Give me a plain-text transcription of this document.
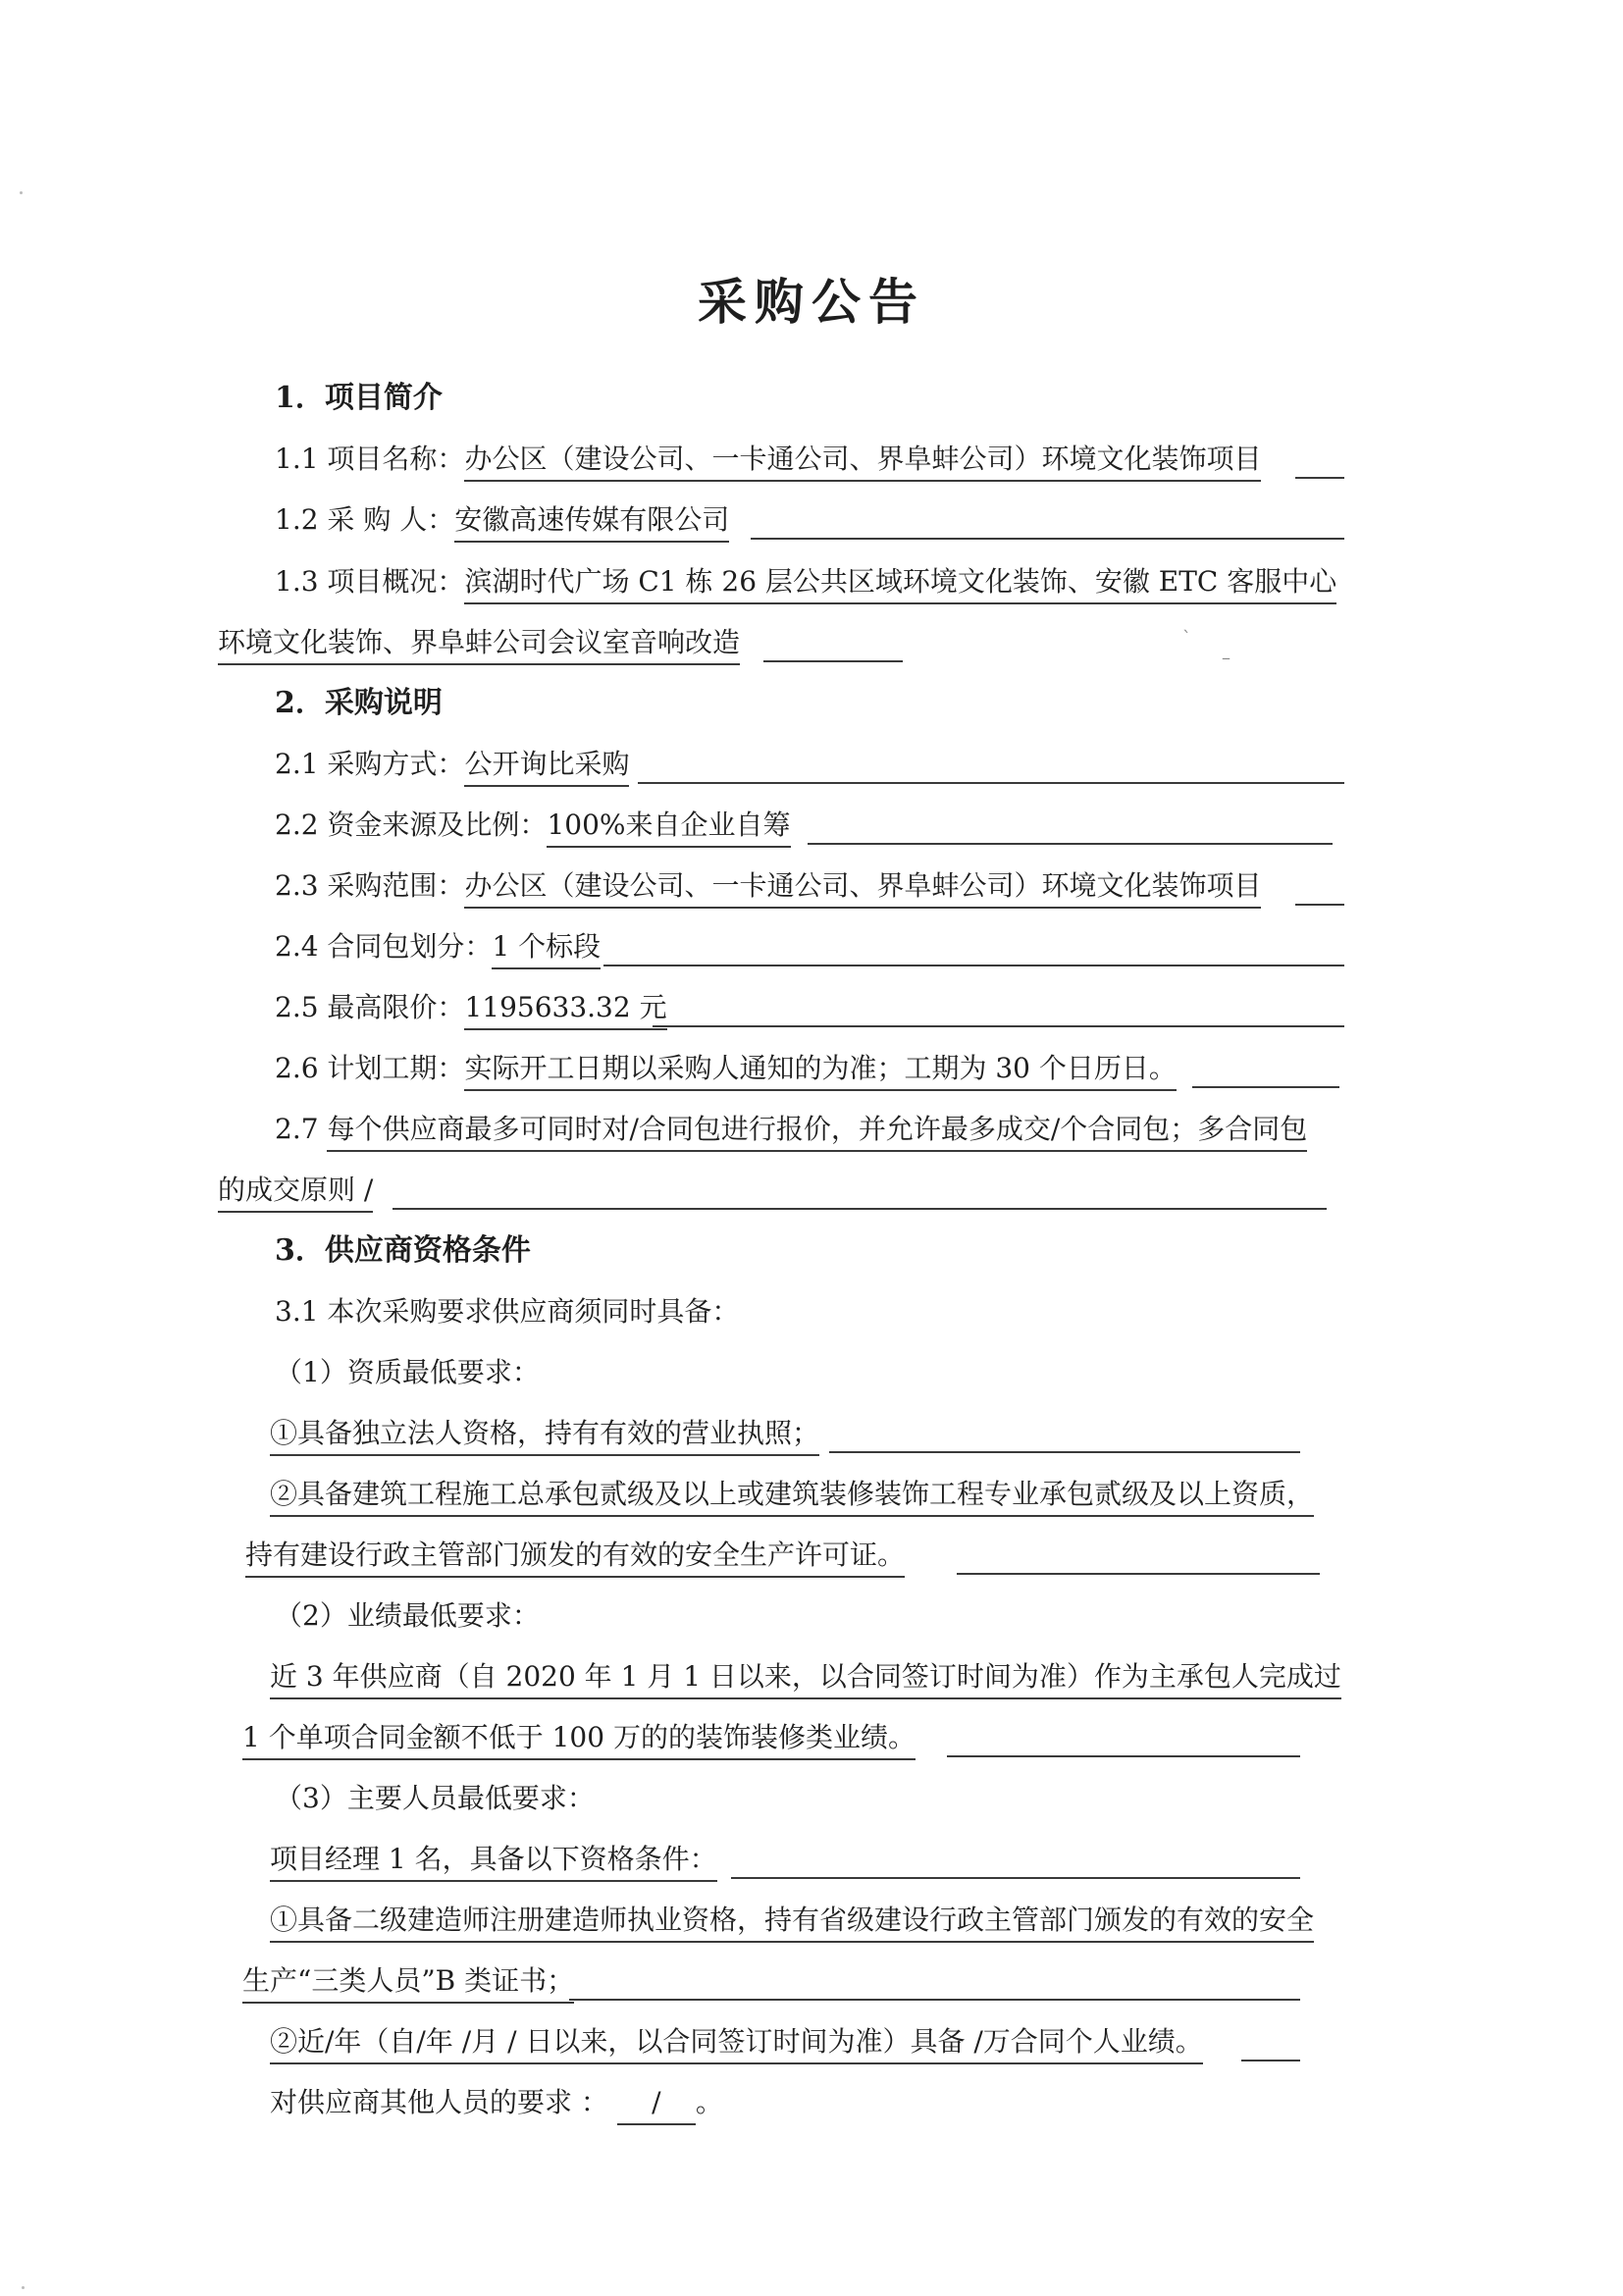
采购公告
1．项目简介
1.1 项目名称：办公区（建设公司、一卡通公司、界阜蚌公司）环境文化装饰项目
1.2 采 购 人：安徽高速传媒有限公司
1.3 项目概况：滨湖时代广场 C1 栋 26 层公共区域环境文化装饰、安徽 ETC 客服中心
环境文化装饰、界阜蚌公司会议室音响改造	ˋ
–
2．采购说明
2.1 采购方式：公开询比采购
2.2 资金来源及比例：100%来自企业自筹
2.3 采购范围：办公区（建设公司、一卡通公司、界阜蚌公司）环境文化装饰项目
2.4 合同包划分：1 个标段
2.5 最高限价：1195633.32 元
2.6 计划工期：实际开工日期以采购人通知的为准；工期为 30 个日历日。
2.7 每个供应商最多可同时对/合同包进行报价，并允许最多成交/个合同包；多合同包
的成交原则 /
3．供应商资格条件
3.1 本次采购要求供应商须同时具备：
（1）资质最低要求：
①具备独立法人资格，持有有效的营业执照；
②具备建筑工程施工总承包贰级及以上或建筑装修装饰工程专业承包贰级及以上资质，
持有建设行政主管部门颁发的有效的安全生产许可证。
（2）业绩最低要求：
近 3 年供应商（自 2020 年 1 月 1 日以来，以合同签订时间为准）作为主承包人完成过
1 个单项合同金额不低于 100 万的的装饰装修类业绩。
（3）主要人员最低要求：
项目经理 1 名，具备以下资格条件：
①具备二级建造师注册建造师执业资格，持有省级建设行政主管部门颁发的有效的安全
生产“三类人员”B 类证书；
②近/年（自/年 /月 / 日以来，以合同签订时间为准）具备 /万合同个人业绩。
对供应商其他人员的要求 ： /。
